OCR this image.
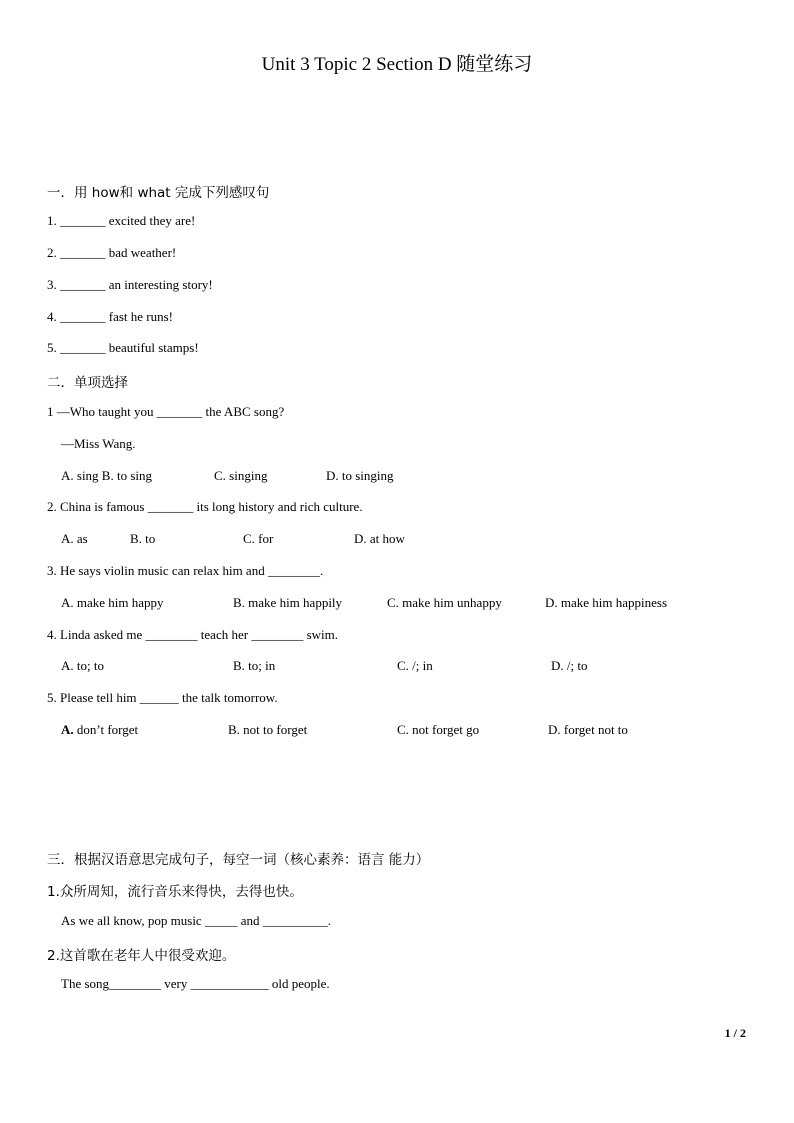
Unit 3 Topic 2 Section D 随堂练习
一．用 how和 what 完成下列感叹句
1. _______ excited they are!
2. _______ bad weather!
3. _______ an interesting story!
4. _______ fast he runs!
5. _______ beautiful stamps!
二．单项选择
1 —Who taught you _______ the ABC song?
—Miss Wang.
A. sing B. to sing	C. singing	D. to singing
2. China is famous _______ its long history and rich culture.
A. as	B. to	C. for	D. at how
3. He says violin music can relax him and ________.
A. make him happy	B. make him happily	C. make him unhappy	D. make him happiness
4. Linda asked me ________ teach her ________ swim.
A. to; to	B. to; in	C. /; in	D. /; to
5. Please tell him ______ the talk tomorrow.
A. don’t forget	B. not to forget	C. not forget go	D. forget not to
三．根据汉语意思完成句子，每空一词（核心素养：语言 能力）
1.众所周知，流行音乐来得快，去得也快。
As we all know, pop music _____ and __________.
2.这首歌在老年人中很受欢迎。
The song________ very ____________ old people.
1 / 2
